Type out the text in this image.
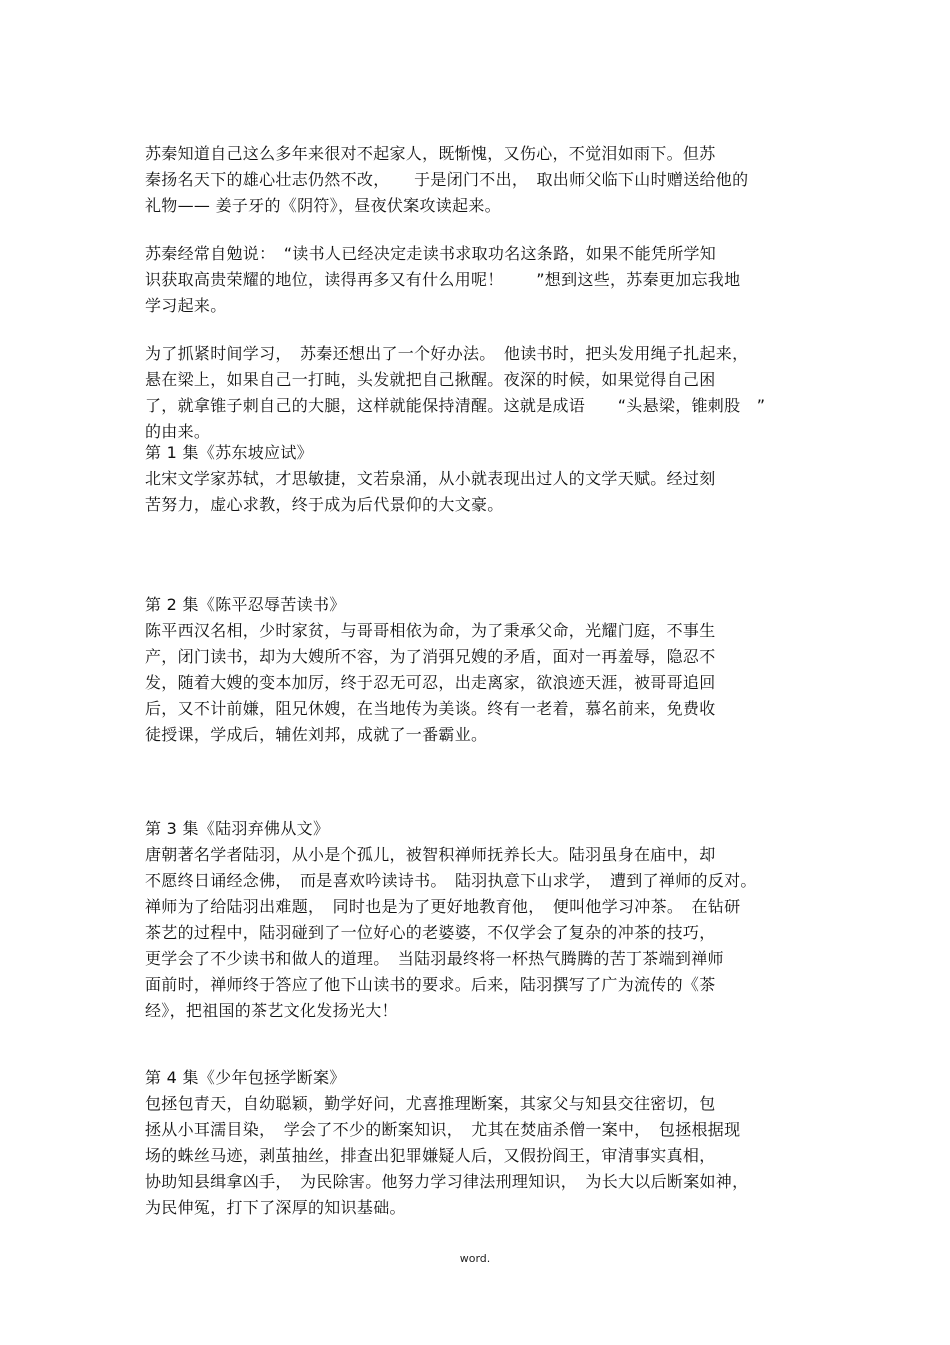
苏秦知道自己这么多年来很对不起家人，既惭愧，又伤心，不觉泪如雨下。但苏
秦扬名天下的雄心壮志仍然不改，　　于是闭门不出，　取出师父临下山时赠送给他的
礼物—— 姜子牙的《阴符》，昼夜伏案攻读起来。
苏秦经常自勉说：　“读书人已经决定走读书求取功名这条路，如果不能凭所学知
识获取高贵荣耀的地位，读得再多又有什么用呢！　　”想到这些，苏秦更加忘我地
学习起来。
为了抓紧时间学习，　苏秦还想出了一个好办法。　他读书时，把头发用绳子扎起来，
悬在梁上，如果自己一打盹，头发就把自己揪醒。夜深的时候，如果觉得自己困
了，就拿锥子刺自己的大腿，这样就能保持清醒。这就是成语　　“头悬梁，锥刺股　”
的由来。
第 1 集《苏东坡应试》
北宋文学家苏轼，才思敏捷，文若泉涌，从小就表现出过人的文学天赋。经过刻
苦努力，虚心求教，终于成为后代景仰的大文豪。
第 2 集《陈平忍辱苦读书》
陈平西汉名相，少时家贫，与哥哥相依为命，为了秉承父命，光耀门庭，不事生
产，闭门读书，却为大嫂所不容，为了消弭兄嫂的矛盾，面对一再羞辱，隐忍不
发，随着大嫂的变本加厉，终于忍无可忍，出走离家，欲浪迹天涯，被哥哥追回
后，又不计前嫌，阻兄休嫂，在当地传为美谈。终有一老着，慕名前来，免费收
徒授课，学成后，辅佐刘邦，成就了一番霸业。
第 3 集《陆羽弃佛从文》
唐朝著名学者陆羽，从小是个孤儿，被智积禅师抚养长大。陆羽虽身在庙中，却
不愿终日诵经念佛，　而是喜欢吟读诗书。　陆羽执意下山求学，　遭到了禅师的反对。
禅师为了给陆羽出难题，　同时也是为了更好地教育他，　便叫他学习冲茶。　在钻研
茶艺的过程中，陆羽碰到了一位好心的老婆婆，不仅学会了复杂的冲茶的技巧，
更学会了不少读书和做人的道理。　当陆羽最终将一杯热气腾腾的苦丁茶端到禅师
面前时，禅师终于答应了他下山读书的要求。后来，陆羽撰写了广为流传的《茶
经》，把祖国的茶艺文化发扬光大！
第 4 集《少年包拯学断案》
包拯包青天，自幼聪颖，勤学好问，尤喜推理断案，其家父与知县交往密切，包
拯从小耳濡目染，　学会了不少的断案知识，　尤其在焚庙杀僧一案中，　包拯根据现
场的蛛丝马迹，剥茧抽丝，排查出犯罪嫌疑人后，又假扮阎王，审清事实真相，
协助知县缉拿凶手，　为民除害。他努力学习律法刑理知识，　为长大以后断案如神，
为民伸冤，打下了深厚的知识基础。
word.
